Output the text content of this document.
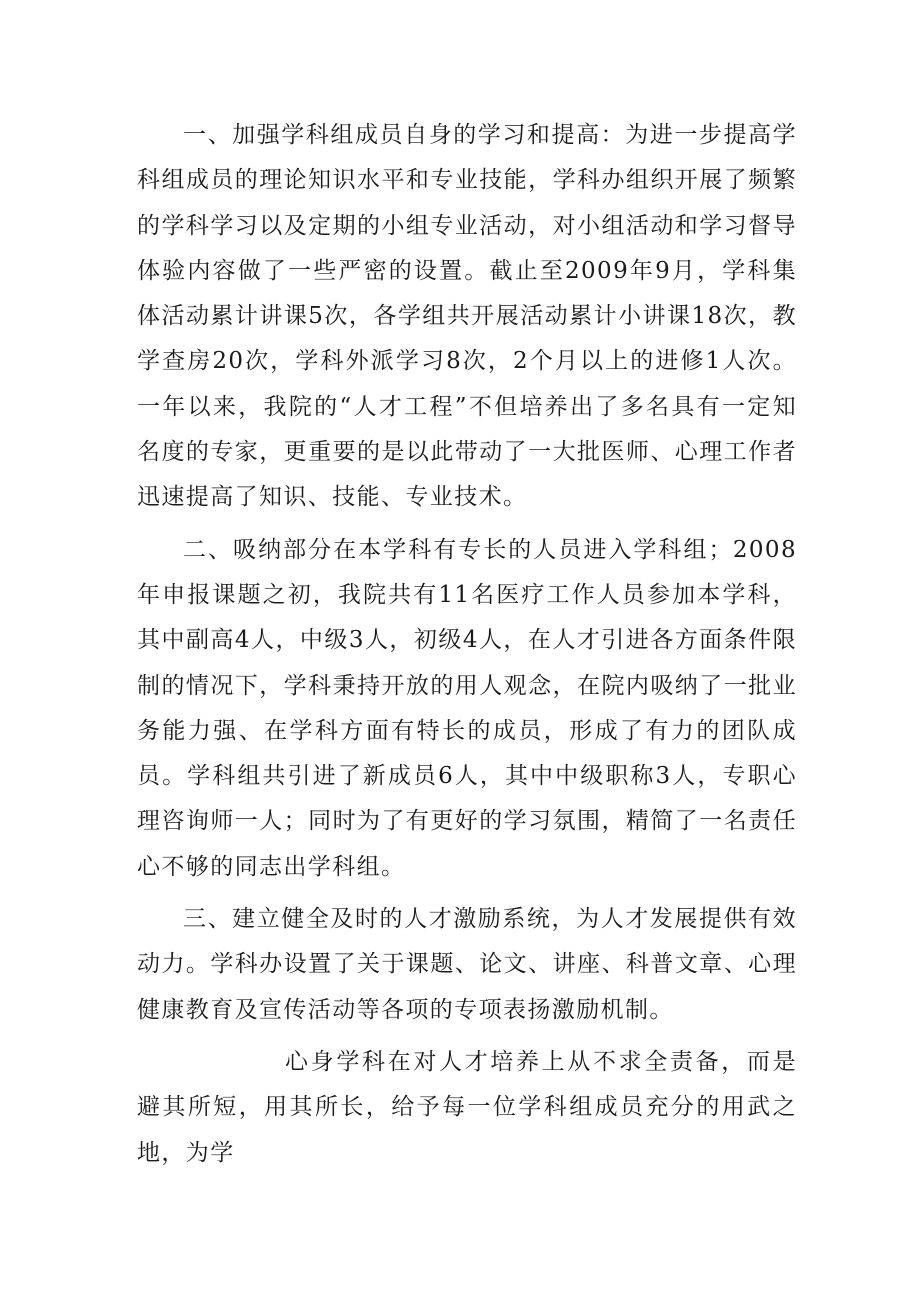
一、加强学科组成员自身的学习和提高：为进一步提高学科组成员的理论知识水平和专业技能，学科办组织开展了频繁的学科学习以及定期的小组专业活动，对小组活动和学习督导体验内容做了一些严密的设置。截止至2009年9月，学科集体活动累计讲课5次，各学组共开展活动累计小讲课18次，教学查房20次，学科外派学习8次，2个月以上的进修1人次。一年以来，我院的“人才工程”不但培养出了多名具有一定知名度的专家，更重要的是以此带动了一大批医师、心理工作者迅速提高了知识、技能、专业技术。

二、吸纳部分在本学科有专长的人员进入学科组；2008年申报课题之初，我院共有11名医疗工作人员参加本学科，其中副高4人，中级3人，初级4人，在人才引进各方面条件限制的情况下，学科秉持开放的用人观念，在院内吸纳了一批业务能力强、在学科方面有特长的成员，形成了有力的团队成员。学科组共引进了新成员6人，其中中级职称3人，专职心理咨询师一人；同时为了有更好的学习氛围，精简了一名责任心不够的同志出学科组。

三、建立健全及时的人才激励系统，为人才发展提供有效动力。学科办设置了关于课题、论文、讲座、科普文章、心理健康教育及宣传活动等各项的专项表扬激励机制。

心身学科在对人才培养上从不求全责备，而是避其所短，用其所长，给予每一位学科组成员充分的用武之地，为学
